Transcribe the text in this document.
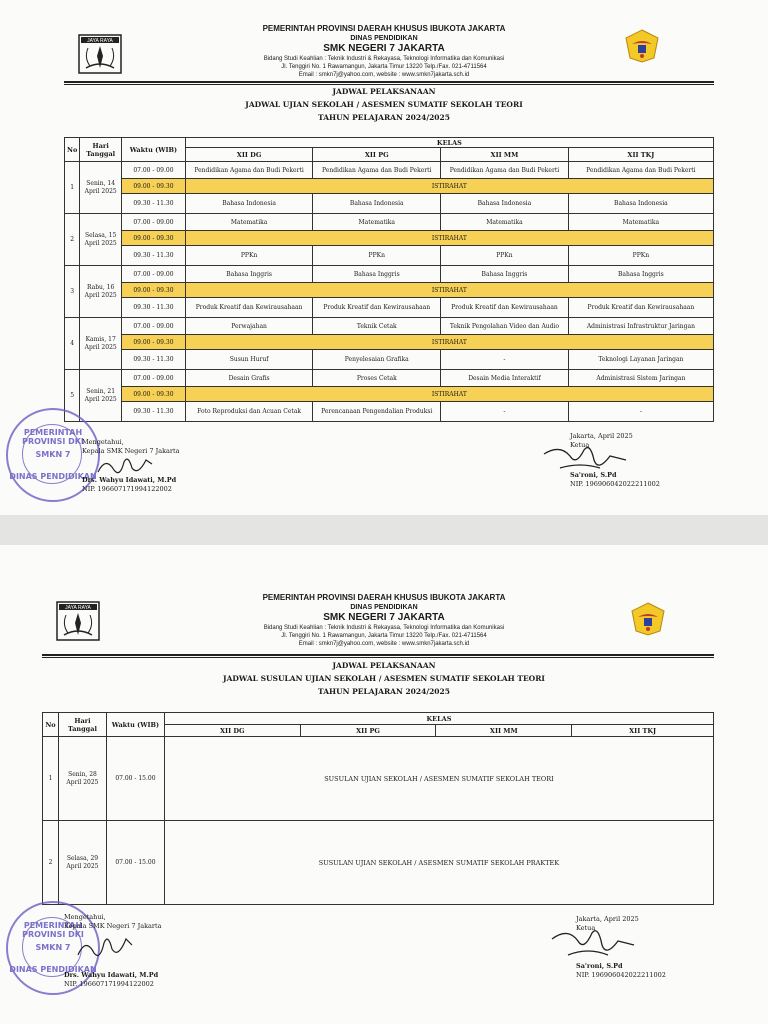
JAYA RAYA
PEMERINTAH PROVINSI DAERAH KHUSUS IBUKOTA JAKARTA
DINAS PENDIDIKAN
SMK NEGERI 7 JAKARTA
Bidang Studi Keahlian : Teknik Industri & Rekayasa, Teknologi Informatika dan Komunikasi
Jl. Tenggiri No. 1 Rawamangun, Jakarta Timur 13220 Telp./Fax. 021-4711564
Email : smkn7j@yahoo.com, website : www.smkn7jakarta.sch.id
JADWAL PELAKSANAAN
JADWAL UJIAN SEKOLAH / ASESMEN SUMATIF SEKOLAH TEORI
TAHUN PELAJARAN 2024/2025
No	Hari Tanggal	Waktu (WIB)	KELAS			
			XII DG	XII PG	XII MM	XII TKJ
1	Senin, 14
April 2025	07.00 - 09.00	Pendidikan Agama dan Budi Pekerti	Pendidikan Agama dan Budi Pekerti	Pendidikan Agama dan Budi Pekerti	Pendidikan Agama dan Budi Pekerti
		09.00 - 09.30	ISTIRAHAT			
		09.30 - 11.30	Bahasa Indonesia	Bahasa Indonesia	Bahasa Indonesia	Bahasa Indonesia
2	Selasa, 15
April 2025	07.00 - 09.00	Matematika	Matematika	Matematika	Matematika
		09.00 - 09.30	ISTIRAHAT			
		09.30 - 11.30	PPKn	PPKn	PPKn	PPKn
3	Rabu, 16
April 2025	07.00 - 09.00	Bahasa Inggris	Bahasa Inggris	Bahasa Inggris	Bahasa Inggris
		09.00 - 09.30	ISTIRAHAT			
		09.30 - 11.30	Produk Kreatif dan Kewirausahaan	Produk Kreatif dan Kewirausahaan	Produk Kreatif dan Kewirausahaan	Produk Kreatif dan Kewirausahaan
4	Kamis, 17
April 2025	07.00 - 09.00	Perwajahan	Teknik Cetak	Teknik Pengolahan Video dan Audio	Administrasi Infrastruktur Jaringan
		09.00 - 09.30	ISTIRAHAT			
		09.30 - 11.30	Susun Huruf	Penyelesaian Grafika	-	Teknologi Layanan Jaringan
5	Senin, 21
April 2025	07.00 - 09.00	Desain Grafis	Proses Cetak	Desain Media Interaktif	Administrasi Sistem Jaringan
		09.00 - 09.30	ISTIRAHAT			
		09.30 - 11.30	Foto Reproduksi dan Acuan Cetak	Perencanaan Pengendalian Produksi	-	-
PEMERINTAH PROVINSI DKI
SMKN 7
DINAS PENDIDIKAN
Mengetahui,
Kepala SMK Negeri 7 Jakarta
Drs. Wahyu Idawati, M.Pd
NIP. 196607171994122002
Jakarta, April 2025
Ketua
Sa'roni, S.Pd
NIP. 196906042022211002
JAYA RAYA
PEMERINTAH PROVINSI DAERAH KHUSUS IBUKOTA JAKARTA
DINAS PENDIDIKAN
SMK NEGERI 7 JAKARTA
Bidang Studi Keahlian : Teknik Industri & Rekayasa, Teknologi Informatika dan Komunikasi
Jl. Tenggiri No. 1 Rawamangun, Jakarta Timur 13220 Telp./Fax. 021-4711564
Email : smkn7j@yahoo.com, website : www.smkn7jakarta.sch.id
JADWAL PELAKSANAAN
JADWAL SUSULAN UJIAN SEKOLAH / ASESMEN SUMATIF SEKOLAH TEORI
TAHUN PELAJARAN 2024/2025
No	Hari Tanggal	Waktu (WIB)	KELAS			
			XII DG	XII PG	XII MM	XII TKJ
1	Senin, 28
April 2025	07.00 - 15.00	SUSULAN UJIAN SEKOLAH / ASESMEN SUMATIF SEKOLAH TEORI			
2	Selasa, 29
April 2025	07.00 - 15.00	SUSULAN UJIAN SEKOLAH / ASESMEN SUMATIF SEKOLAH PRAKTEK			
PEMERINTAH PROVINSI DKI
SMKN 7
DINAS PENDIDIKAN
Mengetahui,
Kepala SMK Negeri 7 Jakarta
Drs. Wahyu Idawati, M.Pd
NIP. 196607171994122002
Jakarta, April 2025
Ketua
Sa'roni, S.Pd
NIP. 196906042022211002
